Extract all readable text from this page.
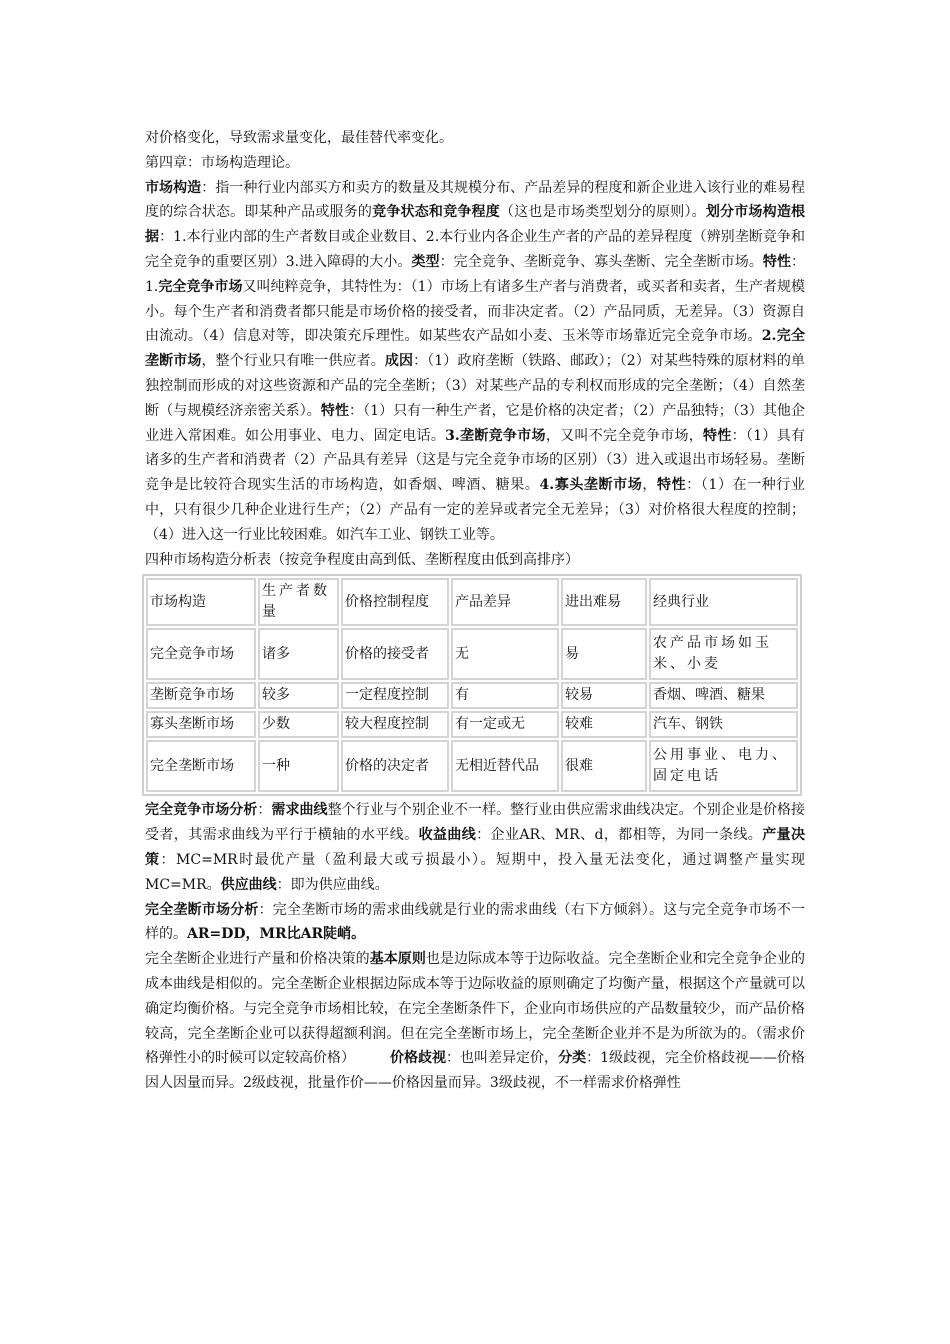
对价格变化，导致需求量变化，最佳替代率变化。

第四章：市场构造理论。

市场构造：指一种行业内部买方和卖方的数量及其规模分布、产品差异的程度和新企业进入该行业的难易程度的综合状态。即某种产品或服务的竞争状态和竞争程度（这也是市场类型划分的原则）。划分市场构造根据：1.本行业内部的生产者数目或企业数目、2.本行业内各企业生产者的产品的差异程度（辨别垄断竞争和完全竞争的重要区别）3.进入障碍的大小。类型：完全竞争、垄断竞争、寡头垄断、完全垄断市场。特性：1.完全竞争市场又叫纯粹竞争，其特性为：（1）市场上有诸多生产者与消费者，或买者和卖者，生产者规模小。每个生产者和消费者都只能是市场价格的接受者，而非决定者。（2）产品同质，无差异。（3）资源自由流动。（4）信息对等，即决策充斥理性。如某些农产品如小麦、玉米等市场靠近完全竞争市场。2.完全垄断市场，整个行业只有唯一供应者。成因：（1）政府垄断（铁路、邮政）；（2）对某些特殊的原材料的单独控制而形成的对这些资源和产品的完全垄断；（3）对某些产品的专利权而形成的完全垄断；（4）自然垄断（与规模经济亲密关系）。特性：（1）只有一种生产者，它是价格的决定者；（2）产品独特；（3）其他企业进入常困难。如公用事业、电力、固定电话。3.垄断竞争市场，又叫不完全竞争市场，特性：（1）具有诸多的生产者和消费者（2）产品具有差异（这是与完全竞争市场的区别）（3）进入或退出市场轻易。垄断竞争是比较符合现实生活的市场构造，如香烟、啤酒、糖果。4.寡头垄断市场，特性：（1）在一种行业中，只有很少几种企业进行生产；（2）产品有一定的差异或者完全无差异；（3）对价格很大程度的控制；（4）进入这一行业比较困难。如汽车工业、钢铁工业等。

四种市场构造分析表（按竞争程度由高到低、垄断程度由低到高排序）

市场构造	生产者数量	价格控制程度	产品差异	进出难易	经典行业
完全竞争市场	诸多	价格的接受者	无	易	农产品市场如玉米、小麦
垄断竞争市场	较多	一定程度控制	有	较易	香烟、啤酒、糖果
寡头垄断市场	少数	较大程度控制	有一定或无	较难	汽车、钢铁
完全垄断市场	一种	价格的决定者	无相近替代品	很难	公用事业、电力、固定电话

完全竞争市场分析：需求曲线整个行业与个别企业不一样。整行业由供应需求曲线决定。个别企业是价格接受者，其需求曲线为平行于横轴的水平线。收益曲线：企业AR、MR、d，都相等，为同一条线。产量决策：MC=MR时最优产量（盈利最大或亏损最小）。短期中，投入量无法变化，通过调整产量实现MC=MR。供应曲线：即为供应曲线。

完全垄断市场分析：完全垄断市场的需求曲线就是行业的需求曲线（右下方倾斜）。这与完全竞争市场不一样的。AR=DD，MR比AR陡峭。

完全垄断企业进行产量和价格决策的基本原则也是边际成本等于边际收益。完全垄断企业和完全竞争企业的成本曲线是相似的。完全垄断企业根据边际成本等于边际收益的原则确定了均衡产量，根据这个产量就可以确定均衡价格。与完全竞争市场相比较，在完全垄断条件下，企业向市场供应的产品数量较少，而产品价格较高，完全垄断企业可以获得超额利润。但在完全垄断市场上，完全垄断企业并不是为所欲为的。（需求价格弹性小的时候可以定较高价格）　　　价格歧视：也叫差异定价，分类：1级歧视，完全价格歧视——价格因人因量而异。2级歧视，批量作价——价格因量而异。3级歧视，不一样需求价格弹性
